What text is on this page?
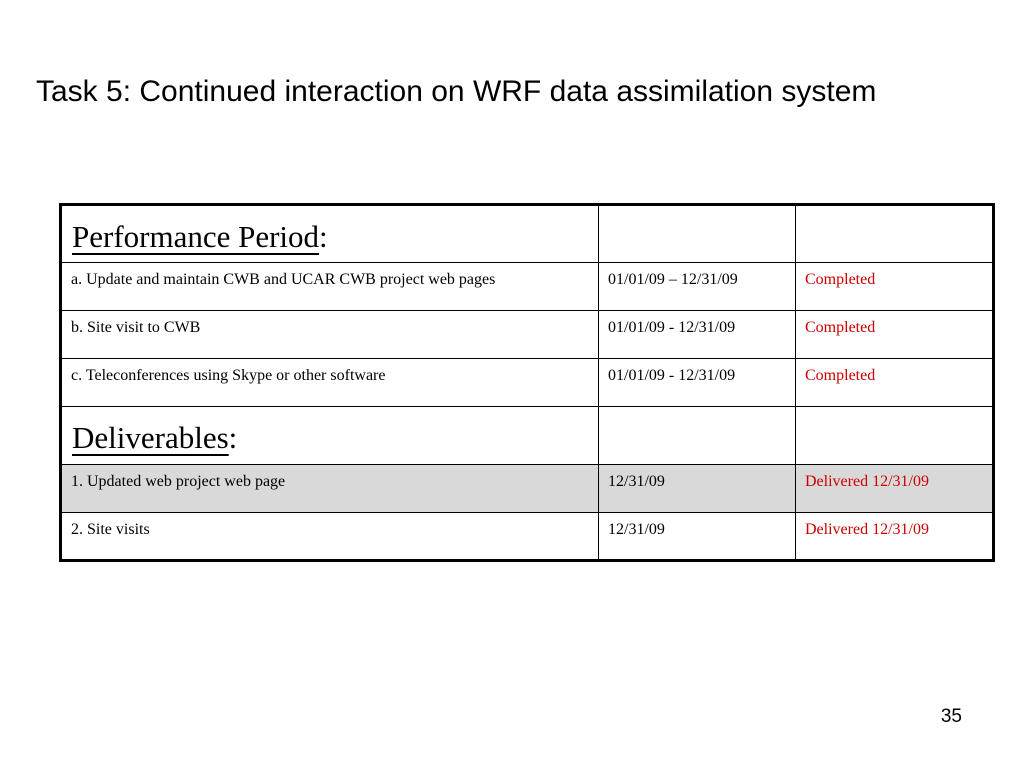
Task 5: Continued interaction on WRF data assimilation system
Performance Period:		
a. Update and maintain CWB and UCAR CWB project web pages	01/01/09 – 12/31/09	Completed
b. Site visit to CWB	01/01/09 - 12/31/09	Completed
c. Teleconferences using Skype or other software	01/01/09 - 12/31/09	Completed
Deliverables:		
1. Updated web project web page	12/31/09	Delivered 12/31/09
2. Site visits	12/31/09	Delivered 12/31/09
35
